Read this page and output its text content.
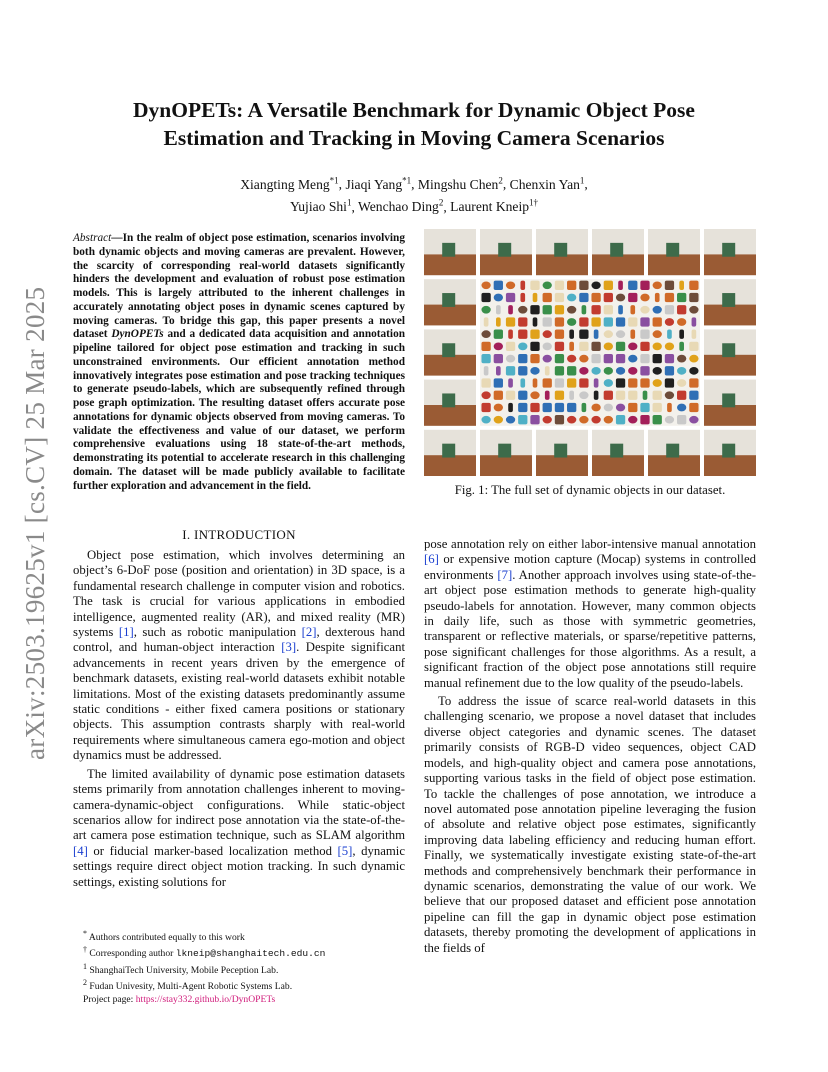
arXiv:2503.19625v1 [cs.CV] 25 Mar 2025
DynOPETs: A Versatile Benchmark for Dynamic Object Pose
Estimation and Tracking in Moving Camera Scenarios
Xiangting Meng$^{*1}$, Jiaqi Yang$^{*1}$, Mingshu Chen$^2$, Chenxin Yan$^1$,
Yujiao Shi$^1$, Wenchao Ding$^2$, Laurent Kneip$^{1\dagger}$
Abstract—In the realm of object pose estimation, scenarios involving both dynamic objects and moving cameras are prevalent. However, the scarcity of corresponding real-world datasets significantly hinders the development and evaluation of robust pose estimation models. This is largely attributed to the inherent challenges in accurately annotating object poses in dynamic scenes captured by moving cameras. To bridge this gap, this paper presents a novel dataset DynOPETs and a dedicated data acquisition and annotation pipeline tailored for object pose estimation and tracking in such unconstrained environments. Our efficient annotation method innovatively integrates pose estimation and pose tracking techniques to generate pseudo-labels, which are subsequently refined through pose graph optimization. The resulting dataset offers accurate pose annotations for dynamic objects observed from moving cameras. To validate the effectiveness and value of our dataset, we perform comprehensive evaluations using 18 state-of-the-art methods, demonstrating its potential to accelerate research in this challenging domain. The dataset will be made publicly available to facilitate further exploration and advancement in the field.
I. INTRODUCTION

Object pose estimation, which involves determining an object’s 6-DoF pose (position and orientation) in 3D space, is a fundamental research challenge in computer vision and robotics. The task is crucial for various applications in embodied intelligence, augmented reality (AR), and mixed reality (MR) systems [1], such as robotic manipulation [2], dexterous hand control, and human-object interaction [3]. Despite significant advancements in recent years driven by the emergence of benchmark datasets, existing real-world datasets exhibit notable limitations. Most of the existing datasets predominantly assume static conditions - either fixed camera positions or stationary objects. This assumption contrasts sharply with real-world requirements where simultaneous camera ego-motion and object dynamics must be addressed.

The limited availability of dynamic pose estimation datasets stems primarily from annotation challenges inherent to moving-camera-dynamic-object configurations. While static-object scenarios allow for indirect pose annotation via the state-of-the-art camera pose estimation technique, such as SLAM algorithm [4] or fiducial marker-based localization method [5], dynamic settings require direct object motion tracking. In such dynamic settings, existing solutions for

* Authors contributed equally to this work
† Corresponding author lkneip@shanghaitech.edu.cn
$^1$ ShanghaiTech University, Mobile Peception Lab.
$^2$ Fudan Univesity, Multi-Agent Robotic Systems Lab.
Project page: https://stay332.github.io/DynOPETs
Fig. 1: The full set of dynamic objects in our dataset.

pose annotation rely on either labor-intensive manual annotation [6] or expensive motion capture (Mocap) systems in controlled environments [7]. Another approach involves using state-of-the-art object pose estimation methods to generate high-quality pseudo-labels for annotation. However, many common objects in daily life, such as those with symmetric geometries, transparent or reflective materials, or sparse/repetitive patterns, pose significant challenges for those algorithms. As a result, a significant fraction of the object pose annotations still require manual refinement due to the low quality of the pseudo-labels.

To address the issue of scarce real-world datasets in this challenging scenario, we propose a novel dataset that includes diverse object categories and dynamic scenes. The dataset primarily consists of RGB-D video sequences, object CAD models, and high-quality object and camera pose annotations, supporting various tasks in the field of object pose estimation. To tackle the challenges of pose annotation, we introduce a novel automated pose annotation pipeline leveraging the fusion of absolute and relative object pose estimates, significantly improving data labeling efficiency and reducing human effort. Finally, we systematically investigate existing state-of-the-art methods and comprehensively benchmark their performance in dynamic scenarios, demonstrating the value of our work. We believe that our proposed dataset and efficient pose annotation pipeline can fill the gap in dynamic object pose estimation datasets, thereby promoting the development of applications in the fields of
